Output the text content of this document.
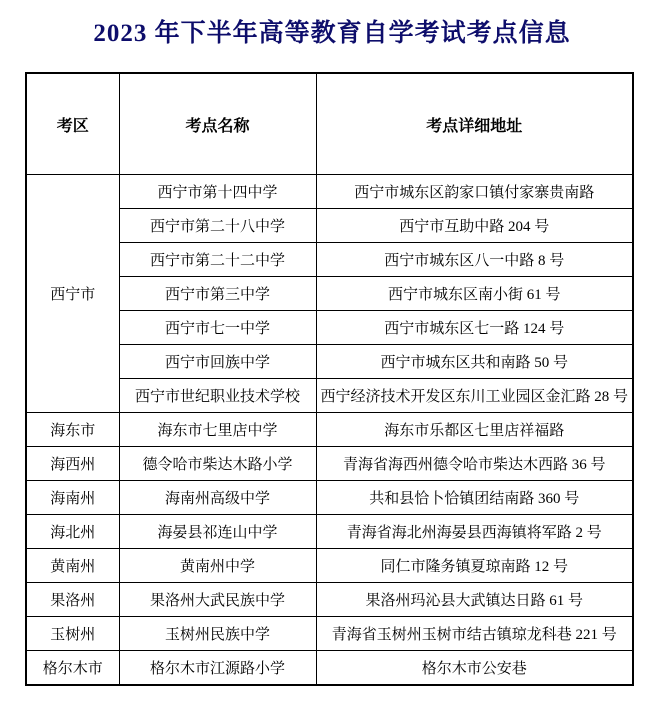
2023 年下半年高等教育自学考试考点信息
考区	考点名称	考点详细地址
西宁市	西宁市第十四中学	西宁市城东区韵家口镇付家寨贵南路
	西宁市第二十八中学	西宁市互助中路 204 号
	西宁市第二十二中学	西宁市城东区八一中路 8 号
	西宁市第三中学	西宁市城东区南小街 61 号
	西宁市七一中学	西宁市城东区七一路 124 号
	西宁市回族中学	西宁市城东区共和南路 50 号
	西宁市世纪职业技术学校	西宁经济技术开发区东川工业园区金汇路 28 号
海东市	海东市七里店中学	海东市乐都区七里店祥福路
海西州	德令哈市柴达木路小学	青海省海西州德令哈市柴达木西路 36 号
海南州	海南州高级中学	共和县恰卜恰镇团结南路 360 号
海北州	海晏县祁连山中学	青海省海北州海晏县西海镇将军路 2 号
黄南州	黄南州中学	同仁市隆务镇夏琼南路 12 号
果洛州	果洛州大武民族中学	果洛州玛沁县大武镇达日路 61 号
玉树州	玉树州民族中学	青海省玉树州玉树市结古镇琼龙科巷 221 号
格尔木市	格尔木市江源路小学	格尔木市公安巷
